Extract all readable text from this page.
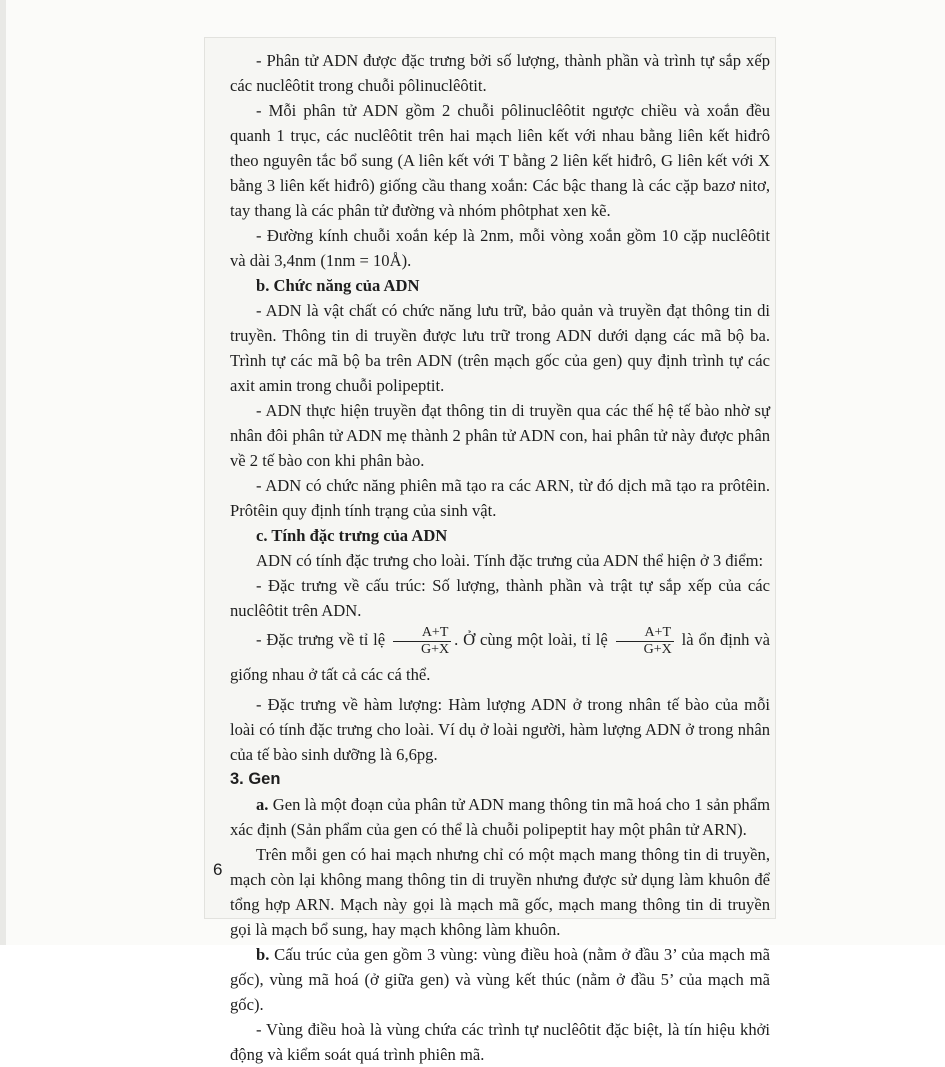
- Phân tử ADN được đặc trưng bởi số lượng, thành phần và trình tự sắp xếp các nuclêôtit trong chuỗi pôlinuclêôtit.

- Mỗi phân tử ADN gồm 2 chuỗi pôlinuclêôtit ngược chiều và xoắn đều quanh 1 trục, các nuclêôtit trên hai mạch liên kết với nhau bằng liên kết hiđrô theo nguyên tắc bổ sung (A liên kết với T bằng 2 liên kết hiđrô, G liên kết với X bằng 3 liên kết hiđrô) giống cầu thang xoắn: Các bậc thang là các cặp bazơ nitơ, tay thang là các phân tử đường và nhóm phôtphat xen kẽ.

- Đường kính chuỗi xoắn kép là 2nm, mỗi vòng xoắn gồm 10 cặp nuclêôtit và dài 3,4nm (1nm = 10Å).

b. Chức năng của ADN

- ADN là vật chất có chức năng lưu trữ, bảo quản và truyền đạt thông tin di truyền. Thông tin di truyền được lưu trữ trong ADN dưới dạng các mã bộ ba. Trình tự các mã bộ ba trên ADN (trên mạch gốc của gen) quy định trình tự các axit amin trong chuỗi polipeptit.

- ADN thực hiện truyền đạt thông tin di truyền qua các thế hệ tế bào nhờ sự nhân đôi phân tử ADN mẹ thành 2 phân tử ADN con, hai phân tử này được phân về 2 tế bào con khi phân bào.

- ADN có chức năng phiên mã tạo ra các ARN, từ đó dịch mã tạo ra prôtêin. Prôtêin quy định tính trạng của sinh vật.

c. Tính đặc trưng của ADN

ADN có tính đặc trưng cho loài. Tính đặc trưng của ADN thể hiện ở 3 điểm:

- Đặc trưng về cấu trúc: Số lượng, thành phần và trật tự sắp xếp của các nuclêôtit trên ADN.

- Đặc trưng về tỉ lệ $\frac{A+T}{G+X}$ . Ở cùng một loài, tỉ lệ $\frac{A+T}{G+X}$ là ổn định và giống nhau ở tất cả các cá thể.

- Đặc trưng về hàm lượng: Hàm lượng ADN ở trong nhân tế bào của mỗi loài có tính đặc trưng cho loài. Ví dụ ở loài người, hàm lượng ADN ở trong nhân của tế bào sinh dưỡng là 6,6pg.

3. Gen

a. Gen là một đoạn của phân tử ADN mang thông tin mã hoá cho 1 sản phẩm xác định (Sản phẩm của gen có thể là chuỗi polipeptit hay một phân tử ARN).

Trên mỗi gen có hai mạch nhưng chỉ có một mạch mang thông tin di truyền, mạch còn lại không mang thông tin di truyền nhưng được sử dụng làm khuôn để tổng hợp ARN. Mạch này gọi là mạch mã gốc, mạch mang thông tin di truyền gọi là mạch bổ sung, hay mạch không làm khuôn.

b. Cấu trúc của gen gồm 3 vùng: vùng điều hoà (nằm ở đầu 3’ của mạch mã gốc), vùng mã hoá (ở giữa gen) và vùng kết thúc (nằm ở đầu 5’ của mạch mã gốc).

- Vùng điều hoà là vùng chứa các trình tự nuclêôtit đặc biệt, là tín hiệu khởi động và kiểm soát quá trình phiên mã.

6
